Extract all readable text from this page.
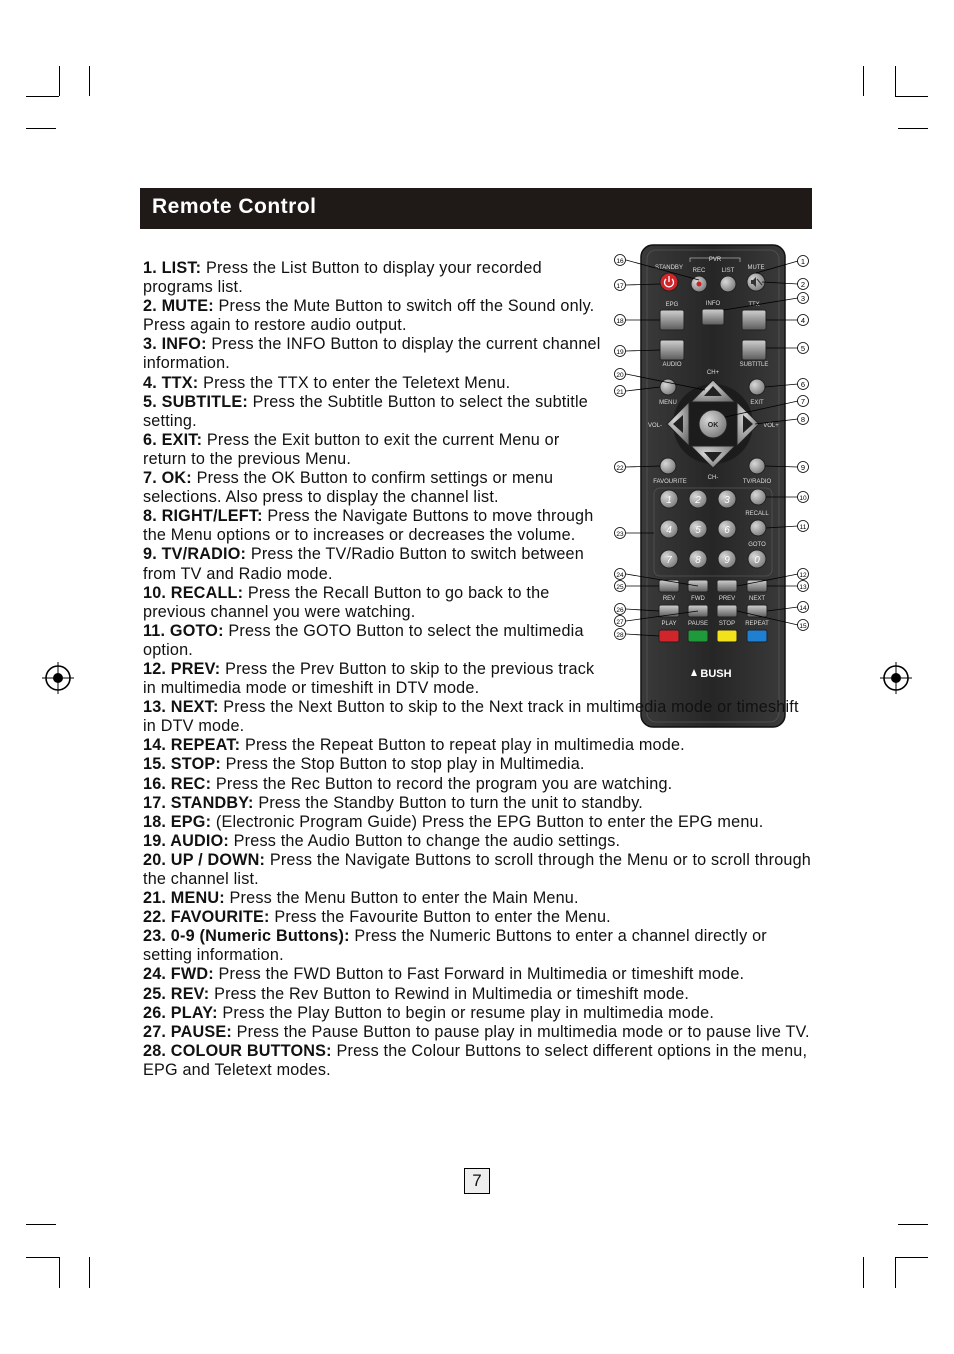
Remote Control
PVR
STANDBY REC	LIST MUTE
EPG	INFO	TTX
AUDIO	SUBTITLE
CH+
MENU	EXIT
OK
VOL-	VOL+
CH-
FAVOURITE	TV/RADIO
1 2 3
4 5 6
7 8 9 0
RECALL
GOTO
REV	FWD PREV NEXT
PLAY PAUSE STOP REPEAT
BUSH
1
2
3
4
5
6
7
8
9
10
11
12
13
14
15
16
17
18
19
20
21
22
23
24
25
26
27
28

1. LIST: Press the List Button to display your recorded programs list.

2. MUTE: Press the Mute Button to switch off the Sound only. Press again to restore audio output.

3. INFO: Press the INFO Button to display the current channel information.

4. TTX: Press the TTX to enter the Teletext Menu.

5. SUBTITLE: Press the Subtitle Button to select the subtitle setting.

6. EXIT: Press the Exit button to exit the current Menu or return to the previous Menu.

7. OK: Press the OK Button to confirm settings or menu selections. Also press to display the channel list.

8. RIGHT/LEFT: Press the Navigate Buttons to move through the Menu options or to increases or decreases the volume.

9. TV/RADIO: Press the TV/Radio Button to switch between from TV and Radio mode.

10. RECALL: Press the Recall Button to go back to the previous channel you were watching.

11. GOTO: Press the GOTO Button to select the multimedia option.

12. PREV: Press the Prev Button to skip to the previous track in multimedia mode or timeshift in DTV mode.

13. NEXT: Press the Next Button to skip to the Next track in multimedia mode or timeshift in DTV mode.

14. REPEAT: Press the Repeat Button to repeat play in multimedia mode.

15. STOP: Press the Stop Button to stop play in Multimedia.

16. REC: Press the Rec Button to record the program you are watching.

17. STANDBY: Press the Standby Button to turn the unit to standby.

18. EPG: (Electronic Program Guide) Press the EPG Button to enter the EPG menu.

19. AUDIO: Press the Audio Button to change the audio settings.

20. UP / DOWN: Press the Navigate Buttons to scroll through the Menu or to scroll through the channel list.

21. MENU: Press the Menu Button to enter the Main Menu.

22. FAVOURITE: Press the Favourite Button to enter the Menu.

23. 0-9 (Numeric Buttons): Press the Numeric Buttons to enter a channel directly or setting information.

24. FWD: Press the FWD Button to Fast Forward in Multimedia or timeshift mode.

25. REV: Press the Rev Button to Rewind in Multimedia or timeshift mode.

26. PLAY: Press the Play Button to begin or resume play in multimedia mode.

27. PAUSE: Press the Pause Button to pause play in multimedia mode or to pause live TV.

28. COLOUR BUTTONS: Press the Colour Buttons to select different options in the menu, EPG and Teletext modes.

7
